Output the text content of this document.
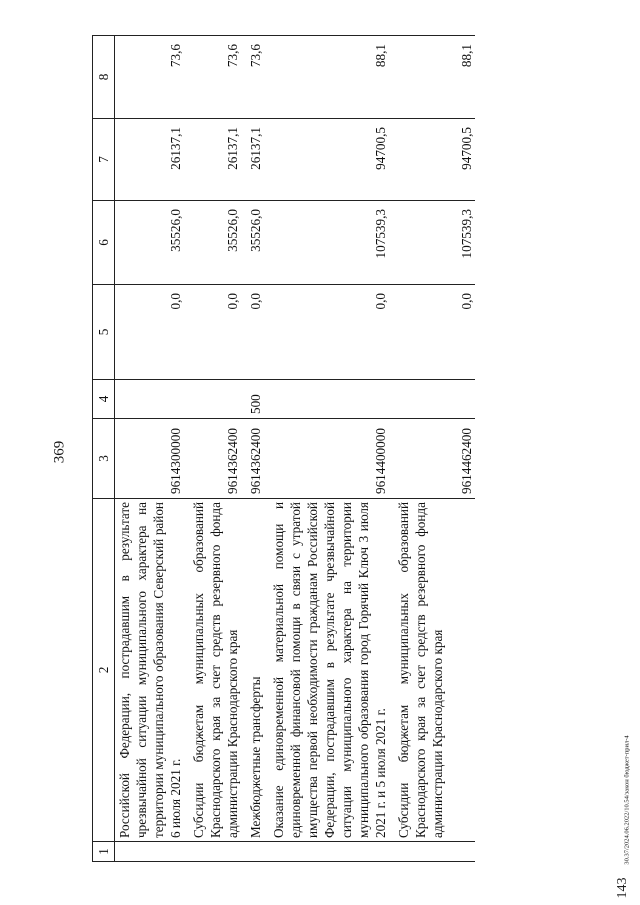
369
30.37/2024.06.2022/10.54/закон бюджет-прил-4
143
1	2	3	4	5	6	7	8
	Российской Федерации, пострадавшим в результате чрезвычайной ситуации муниципального характера на территории муниципального образования Северский район 6 июля 2021 г.	9614300000		0,0	35526,0	26137,1	73,6
	Субсидии бюджетам муниципальных образований Краснодарского края за счет средств резервного фонда администрации Краснодарского края	9614362400		0,0	35526,0	26137,1	73,6
	Межбюджетные трансферты	9614362400	500	0,0	35526,0	26137,1	73,6
	Оказание единовременной материальной помощи и единовременной финансовой помощи в связи с утратой имущества первой необходимости гражданам Российской Федерации, пострадавшим в результате чрезвычайной ситуации муниципального характера на территории муниципального образования город Горячий Ключ 3 июля 2021 г. и 5 июля 2021 г.	9614400000		0,0	107539,3	94700,5	88,1
	Субсидии бюджетам муниципальных образований Краснодарского края за счет средств резервного фонда администрации Краснодарского края	9614462400		0,0	107539,3	94700,5	88,1
